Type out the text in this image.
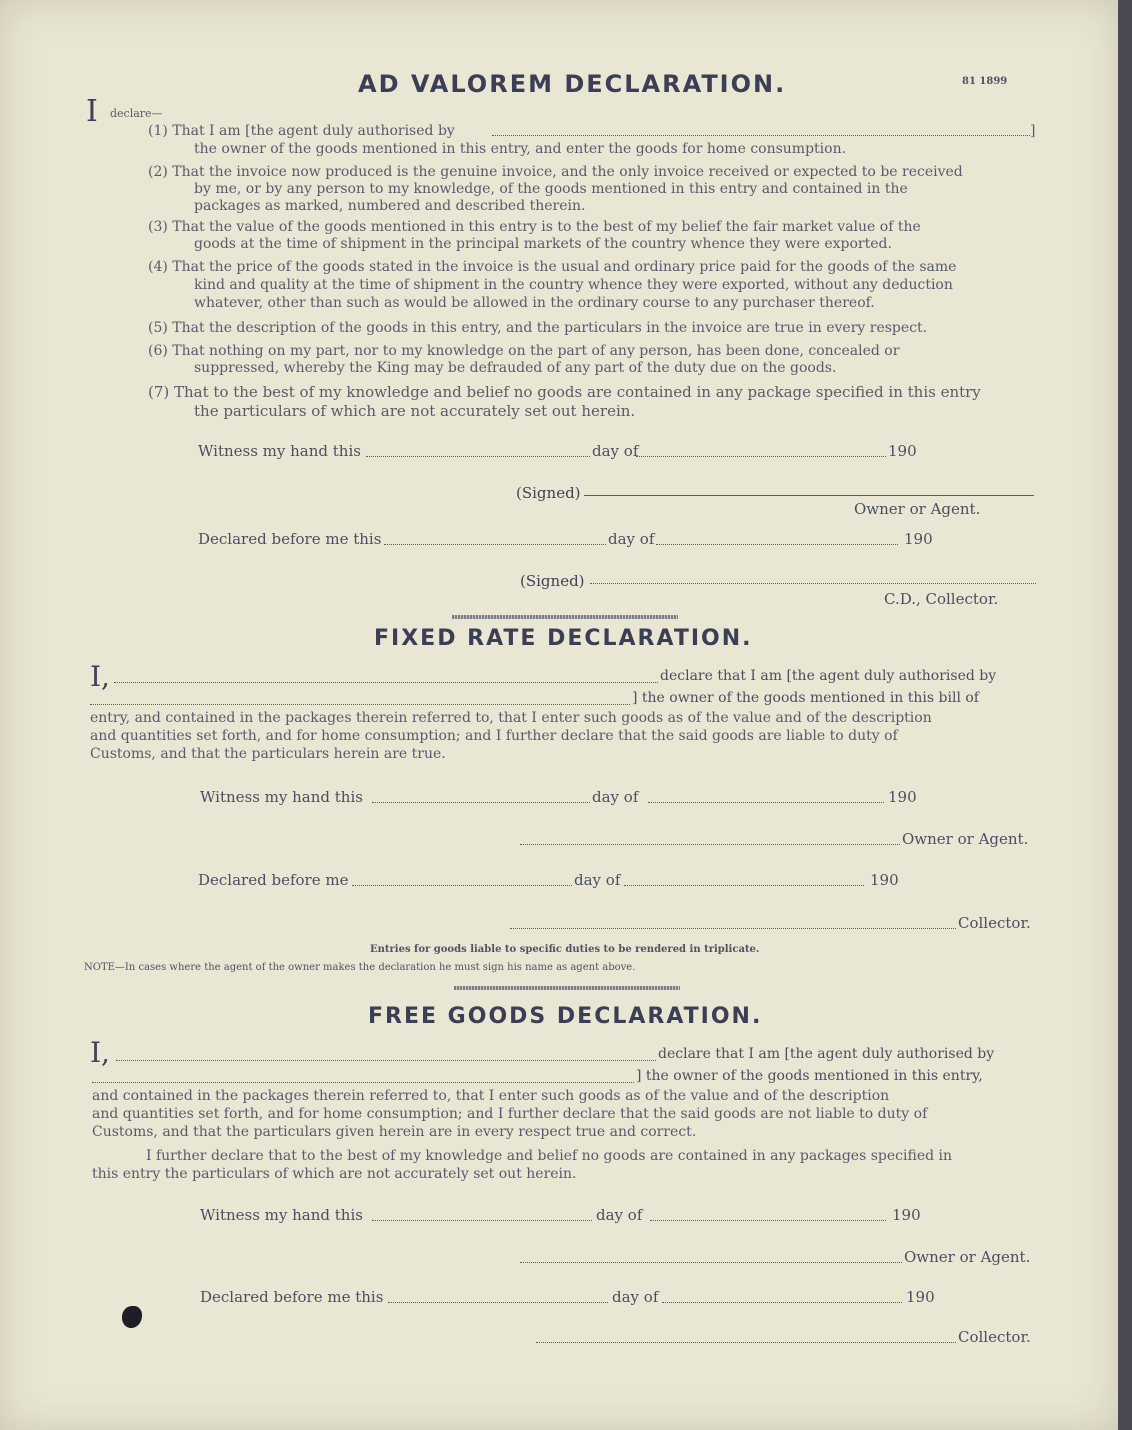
81 1899
AD VALOREM DECLARATION.
I declare—
(1) That I am [the agent duly authorised by	]
the owner of the goods mentioned in this entry, and enter the goods for home consumption.
(2) That the invoice now produced is the genuine invoice, and the only invoice received or expected to be received
by me, or by any person to my knowledge, of the goods mentioned in this entry and contained in the
packages as marked, numbered and described therein.
(3) That the value of the goods mentioned in this entry is to the best of my belief the fair market value of the
goods at the time of shipment in the principal markets of the country whence they were exported.
(4) That the price of the goods stated in the invoice is the usual and ordinary price paid for the goods of the same
kind and quality at the time of shipment in the country whence they were exported, without any deduction
whatever, other than such as would be allowed in the ordinary course to any purchaser thereof.
(5) That the description of the goods in this entry, and the particulars in the invoice are true in every respect.
(6) That nothing on my part, nor to my knowledge on the part of any person, has been done, concealed or
suppressed, whereby the King may be defrauded of any part of the duty due on the goods.
(7) That to the best of my knowledge and belief no goods are contained in any package specified in this entry
the particulars of which are not accurately set out herein.
Witness my hand this	day of	190
(Signed)
Owner or Agent.
Declared before me this	day of	190
(Signed)
C.D., Collector.
FIXED RATE DECLARATION.
I,	declare that I am [the agent duly authorised by
] the owner of the goods mentioned in this bill of
entry, and contained in the packages therein referred to, that I enter such goods as of the value and of the description
and quantities set forth, and for home consumption; and I further declare that the said goods are liable to duty of
Customs, and that the particulars herein are true.
Witness my hand this	day of	190
Owner or Agent.
Declared before me	day of	190
Collector.
Entries for goods liable to specific duties to be rendered in triplicate.
NOTE—In cases where the agent of the owner makes the declaration he must sign his name as agent above.
FREE GOODS DECLARATION.
I,	declare that I am [the agent duly authorised by
] the owner of the goods mentioned in this entry,
and contained in the packages therein referred to, that I enter such goods as of the value and of the description
and quantities set forth, and for home consumption; and I further declare that the said goods are not liable to duty of
Customs, and that the particulars given herein are in every respect true and correct.
I further declare that to the best of my knowledge and belief no goods are contained in any packages specified in
this entry the particulars of which are not accurately set out herein.
Witness my hand this	day of	190
Owner or Agent.
Declared before me this	day of	190
Collector.
